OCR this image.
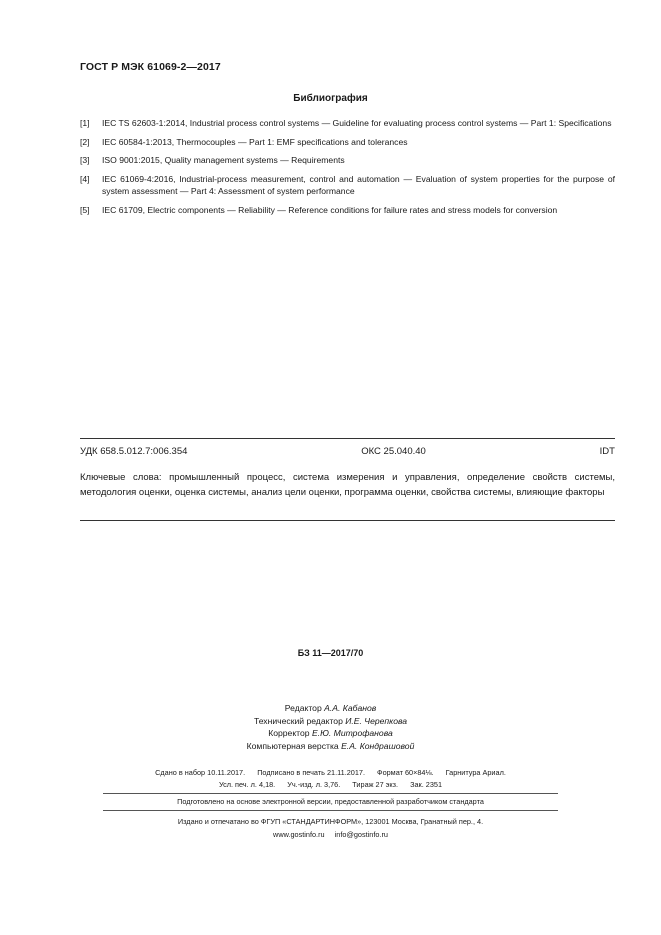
ГОСТ Р МЭК 61069-2—2017
Библиография
[1]	IEC TS 62603-1:2014, Industrial process control systems — Guideline for evaluating process control systems — Part 1: Specifications
[2]	IEC 60584-1:2013, Thermocouples — Part 1: EMF specifications and tolerances
[3]	ISO 9001:2015, Quality management systems — Requirements
[4]	IEC 61069-4:2016, Industrial-process measurement, control and automation — Evaluation of system properties for the purpose of system assessment — Part 4: Assessment of system performance
[5]	IEC 61709, Electric components — Reliability — Reference conditions for failure rates and stress models for conversion
УДК 658.5.012.7:006.354	ОКС 25.040.40	IDT
Ключевые слова: промышленный процесс, система измерения и управления, определение свойств системы, методология оценки, оценка системы, анализ цели оценки, программа оценки, свойства системы, влияющие факторы
БЗ 11—2017/70
Редактор А.А. Кабанов
Технический редактор И.Е. Черепкова
Корректор Е.Ю. Митрофанова
Компьютерная верстка Е.А. Кондрашовой
Сдано в набор 10.11.2017. Подписано в печать 21.11.2017. Формат 60×84⅛. Гарнитура Ариал.
Усл. печ. л. 4,18. Уч.-изд. л. 3,76. Тираж 27 экз. Зак. 2351
Подготовлено на основе электронной версии, предоставленной разработчиком стандарта
Издано и отпечатано во ФГУП «СТАНДАРТИНФОРМ», 123001 Москва, Гранатный пер., 4.
www.gostinfo.ru     info@gostinfo.ru
